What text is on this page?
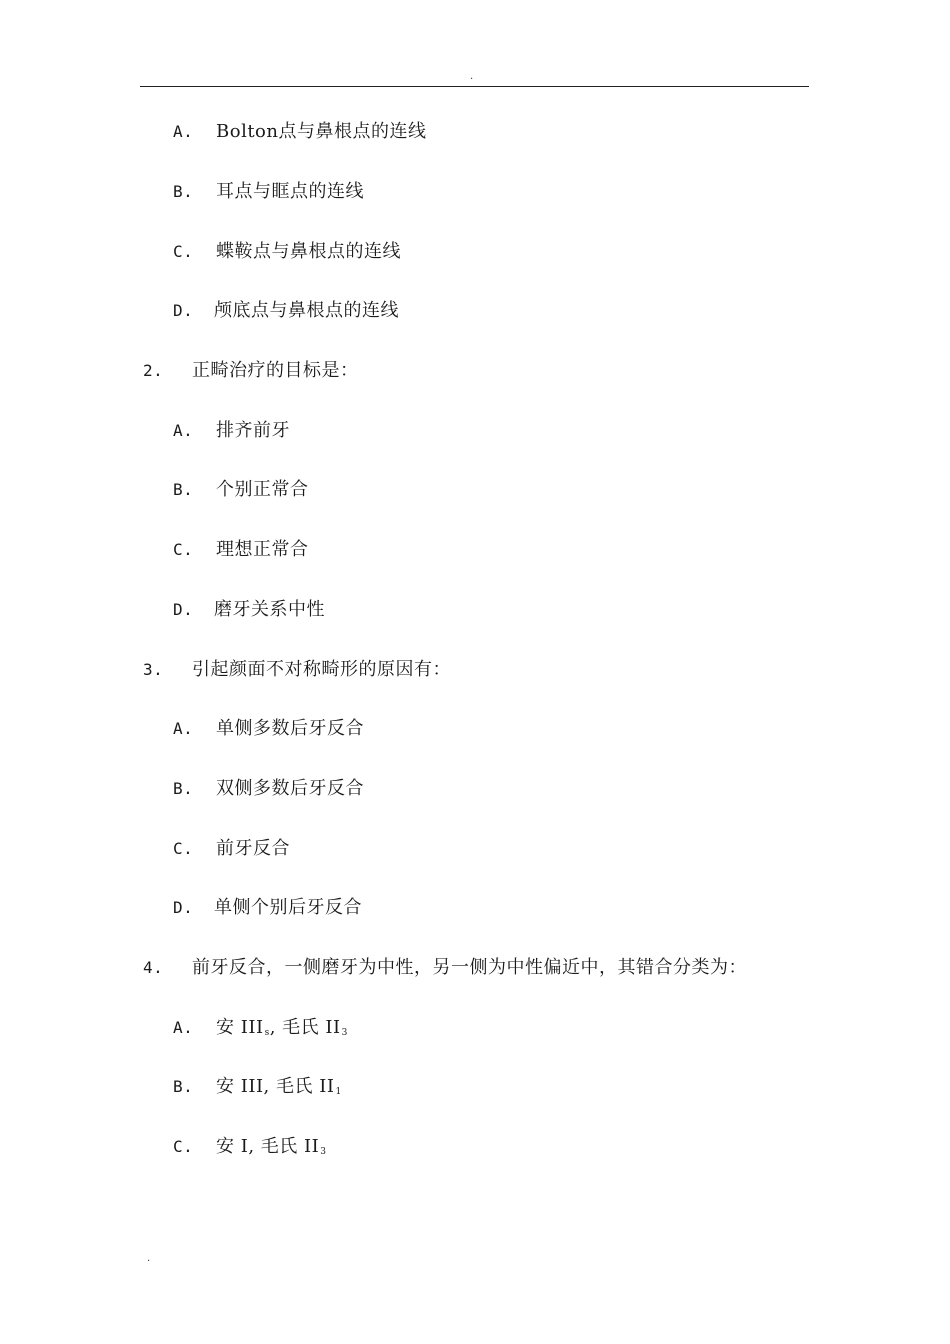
.
A. Bolton点与鼻根点的连线
B. 耳点与眶点的连线
C. 蝶鞍点与鼻根点的连线
D. 颅底点与鼻根点的连线
2. 正畸治疗的目标是：
A. 排齐前牙
B. 个别正常合
C. 理想正常合
D. 磨牙关系中性
3. 引起颜面不对称畸形的原因有：
A. 单侧多数后牙反合
B. 双侧多数后牙反合
C. 前牙反合
D. 单侧个别后牙反合
4. 前牙反合，一侧磨牙为中性，另一侧为中性偏近中，其错合分类为：
A. 安 IIIs, 毛氏 II3
B. 安 III, 毛氏 II1
C. 安 I, 毛氏 II3
.
